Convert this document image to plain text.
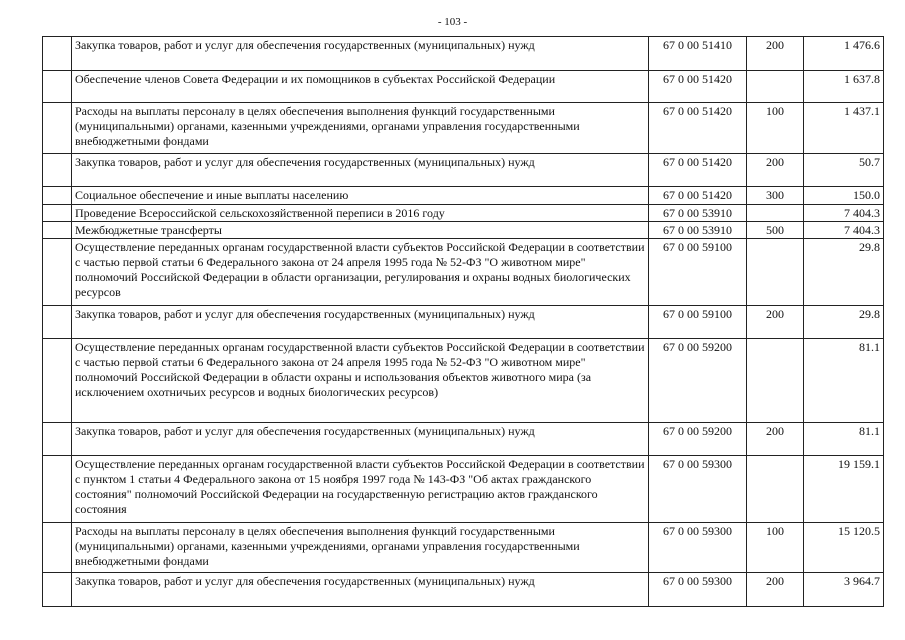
- 103 -
	Закупка товаров, работ и услуг для обеспечения государственных (муниципальных) нужд	67 0 00 51410	200	1 476.6
	Обеспечение членов Совета Федерации и их помощников в субъектах Российской Федерации	67 0 00 51420		1 637.8
	Расходы на выплаты персоналу в целях обеспечения выполнения функций государственными (муниципальными) органами, казенными учреждениями, органами управления государственными внебюджетными фондами	67 0 00 51420	100	1 437.1
	Закупка товаров, работ и услуг для обеспечения государственных (муниципальных) нужд	67 0 00 51420	200	50.7
	Социальное обеспечение и иные выплаты населению	67 0 00 51420	300	150.0
	Проведение Всероссийской сельскохозяйственной переписи в 2016 году	67 0 00 53910		7 404.3
	Межбюджетные трансферты	67 0 00 53910	500	7 404.3
	Осуществление переданных органам государственной власти субъектов Российской Федерации в соответствии с частью первой статьи 6 Федерального закона от 24 апреля 1995 года № 52-ФЗ "О животном мире" полномочий Российской Федерации в области организации, регулирования и охраны водных биологических ресурсов	67 0 00 59100		29.8
	Закупка товаров, работ и услуг для обеспечения государственных (муниципальных) нужд	67 0 00 59100	200	29.8
	Осуществление переданных органам государственной власти субъектов Российской Федерации в соответствии с частью первой статьи 6 Федерального закона от 24 апреля 1995 года № 52-ФЗ "О животном мире" полномочий Российской Федерации в области охраны и использования объектов животного мира (за исключением охотничьих ресурсов и водных биологических ресурсов)	67 0 00 59200		81.1
	Закупка товаров, работ и услуг для обеспечения государственных (муниципальных) нужд	67 0 00 59200	200	81.1
	Осуществление переданных органам государственной власти субъектов Российской Федерации в соответствии с пунктом 1 статьи 4 Федерального закона от 15 ноября 1997 года № 143-ФЗ "Об актах гражданского состояния" полномочий Российской Федерации на государственную регистрацию актов гражданского состояния	67 0 00 59300		19 159.1
	Расходы на выплаты персоналу в целях обеспечения выполнения функций государственными (муниципальными) органами, казенными учреждениями, органами управления государственными внебюджетными фондами	67 0 00 59300	100	15 120.5
	Закупка товаров, работ и услуг для обеспечения государственных (муниципальных) нужд	67 0 00 59300	200	3 964.7
